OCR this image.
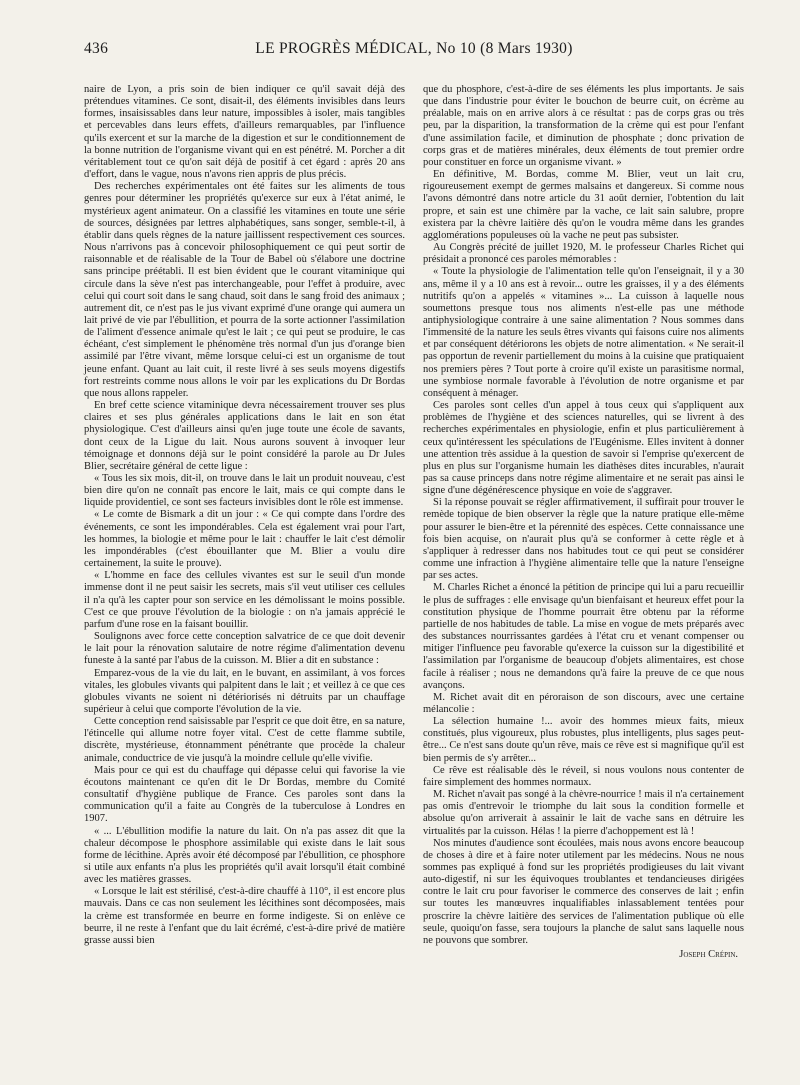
436	LE PROGRÈS MÉDICAL, No 10 (8 Mars 1930)

naire de Lyon, a pris soin de bien indiquer ce qu'il savait déjà des prétendues vitamines. Ce sont, disait-il, des éléments invisibles dans leurs formes, insaisissables dans leur nature, impossibles à isoler, mais tangibles et percevables dans leurs effets, d'ailleurs remarquables, par l'influence qu'ils exercent et sur la marche de la digestion et sur le conditionnement de la bonne nutrition de l'organisme vivant qui en est pénétré. M. Porcher a dit véritablement tout ce qu'on sait déjà de positif à cet égard : après 20 ans d'effort, dans le vague, nous n'avons rien appris de plus précis.

Des recherches expérimentales ont été faites sur les aliments de tous genres pour déterminer les propriétés qu'exerce sur eux à l'état animé, le mystérieux agent animateur. On a classifié les vitamines en toute une série de sources, désignées par lettres alphabétiques, sans songer, semble-t-il, à établir dans quels règnes de la nature jaillissent respectivement ces sources. Nous n'arrivons pas à concevoir philosophiquement ce qui peut sortir de raisonnable et de réalisable de la Tour de Babel où s'élabore une doctrine sans principe préétabli. Il est bien évident que le courant vitaminique qui circule dans la sève n'est pas interchangeable, pour l'effet à produire, avec celui qui court soit dans le sang chaud, soit dans le sang froid des animaux ; autrement dit, ce n'est pas le jus vivant exprimé d'une orange qui aumera un lait privé de vie par l'ébullition, et pourra de la sorte actionner l'assimilation de l'aliment d'essence animale qu'est le lait ; ce qui peut se produire, le cas échéant, c'est simplement le phénomène très normal d'un jus d'orange bien assimilé par l'être vivant, même lorsque celui-ci est un organisme de tout jeune enfant. Quant au lait cuit, il reste livré à ses seuls moyens digestifs fort restreints comme nous allons le voir par les explications du Dr Bordas que nous allons rappeler.

En bref cette science vitaminique devra nécessairement trouver ses plus claires et ses plus générales applications dans le lait en son état physiologique. C'est d'ailleurs ainsi qu'en juge toute une école de savants, dont ceux de la Ligue du lait. Nous aurons souvent à invoquer leur témoignage et donnons déjà sur le point considéré la parole au Dr Jules Blier, secrétaire général de cette ligue :

« Tous les six mois, dit-il, on trouve dans le lait un produit nouveau, c'est bien dire qu'on ne connaît pas encore le lait, mais ce qui compte dans le liquide providentiel, ce sont ses facteurs invisibles dont le rôle est immense.

« Le comte de Bismark a dit un jour : « Ce qui compte dans l'ordre des événements, ce sont les impondérables. Cela est également vrai pour l'art, les hommes, la biologie et même pour le lait : chauffer le lait c'est démolir les impondérables (c'est ébouillanter que M. Blier a voulu dire certainement, la suite le prouve).

« L'homme en face des cellules vivantes est sur le seuil d'un monde immense dont il ne peut saisir les secrets, mais s'il veut utiliser ces cellules il n'a qu'à les capter pour son service en les démolissant le moins possible. C'est ce que prouve l'évolution de la biologie : on n'a jamais apprécié le parfum d'une rose en la faisant bouillir.

Soulignons avec force cette conception salvatrice de ce que doit devenir le lait pour la rénovation salutaire de notre régime d'alimentation devenu funeste à la santé par l'abus de la cuisson. M. Blier a dit en substance :

Emparez-vous de la vie du lait, en le buvant, en assimilant, à vos forces vitales, les globules vivants qui palpitent dans le lait ; et veillez à ce que ces globules vivants ne soient ni détériorisés ni détruits par un chauffage supérieur à celui que comporte l'évolution de la vie.

Cette conception rend saisissable par l'esprit ce que doit être, en sa nature, l'étincelle qui allume notre foyer vital. C'est de cette flamme subtile, discrète, mystérieuse, étonnamment pénétrante que procède la chaleur animale, conductrice de vie jusqu'à la moindre cellule qu'elle vivifie.

Mais pour ce qui est du chauffage qui dépasse celui qui favorise la vie écoutons maintenant ce qu'en dit le Dr Bordas, membre du Comité consultatif d'hygiène publique de France. Ces paroles sont dans la communication qu'il a faite au Congrès de la tuberculose à Londres en 1907.

« ... L'ébullition modifie la nature du lait. On n'a pas assez dit que la chaleur décompose le phosphore assimilable qui existe dans le lait sous forme de lécithine. Après avoir été décomposé par l'ébullition, ce phosphore si utile aux enfants n'a plus les propriétés qu'il avait lorsqu'il était combiné avec les matières grasses.

« Lorsque le lait est stérilisé, c'est-à-dire chauffé à 110°, il est encore plus mauvais. Dans ce cas non seulement les lécithines sont décomposées, mais la crème est transformée en beurre en forme indigeste. Si on enlève ce beurre, il ne reste à l'enfant que du lait écrémé, c'est-à-dire privé de matière grasse aussi bien

que du phosphore, c'est-à-dire de ses éléments les plus importants. Je sais que dans l'industrie pour éviter le bouchon de beurre cuit, on écrème au préalable, mais on en arrive alors à ce résultat : pas de corps gras ou très peu, par la disparition, la transformation de la crème qui est pour l'enfant d'une assimilation facile, et diminution de phosphate ; donc privation de corps gras et de matières minérales, deux éléments de tout premier ordre pour constituer en force un organisme vivant. »

En définitive, M. Bordas, comme M. Blier, veut un lait cru, rigoureusement exempt de germes malsains et dangereux. Si comme nous l'avons démontré dans notre article du 31 août dernier, l'obtention du lait propre, et sain est une chimère par la vache, ce lait sain salubre, propre existera par la chèvre laitière dès qu'on le voudra même dans les grandes agglomérations populeuses où la vache ne peut pas subsister.

Au Congrès précité de juillet 1920, M. le professeur Charles Richet qui présidait a prononcé ces paroles mémorables :

« Toute la physiologie de l'alimentation telle qu'on l'enseignait, il y a 30 ans, même il y a 10 ans est à revoir... outre les graisses, il y a des éléments nutritifs qu'on a appelés « vitamines »... La cuisson à laquelle nous soumettons presque tous nos aliments n'est-elle pas une méthode antiphysiologique contraire à une saine alimentation ? Nous sommes dans l'immensité de la nature les seuls êtres vivants qui faisons cuire nos aliments et par conséquent détériorons les objets de notre alimentation. « Ne serait-il pas opportun de revenir partiellement du moins à la cuisine que pratiquaient nos premiers pères ? Tout porte à croire qu'il existe un parasitisme normal, une symbiose normale favorable à l'évolution de notre organisme et par conséquent à ménager.

Ces paroles sont celles d'un appel à tous ceux qui s'appliquent aux problèmes de l'hygiène et des sciences naturelles, qui se livrent à des recherches expérimentales en physiologie, enfin et plus particulièrement à ceux qu'intéressent les spéculations de l'Eugénisme. Elles invitent à donner une attention très assidue à la question de savoir si l'emprise qu'exercent de plus en plus sur l'organisme humain les diathèses dites incurables, n'aurait pas sa cause princeps dans notre régime alimentaire et ne serait pas ainsi le signe d'une dégénérescence physique en voie de s'aggraver.

Si la réponse pouvait se régler affirmativement, il suffirait pour trouver le remède topique de bien observer la règle que la nature pratique elle-même pour assurer le bien-être et la pérennité des espèces. Cette connaissance une fois bien acquise, on n'aurait plus qu'à se conformer à cette règle et à s'appliquer à redresser dans nos habitudes tout ce qui peut se considérer comme une infraction à l'hygiène alimentaire telle que la nature l'enseigne par ses actes.

M. Charles Richet a énoncé la pétition de principe qui lui a paru recueillir le plus de suffrages : elle envisage qu'un bienfaisant et heureux effet pour la constitution physique de l'homme pourrait être obtenu par la réforme partielle de nos habitudes de table. La mise en vogue de mets préparés avec des substances nourrissantes gardées à l'état cru et venant compenser ou mitiger l'influence peu favorable qu'exerce la cuisson sur la digestibilité et l'assimilation par l'organisme de beaucoup d'objets alimentaires, est chose facile à réaliser ; nous ne demandons qu'à faire la preuve de ce que nous avançons.

M. Richet avait dit en péroraison de son discours, avec une certaine mélancolie :

La sélection humaine !... avoir des hommes mieux faits, mieux constitués, plus vigoureux, plus robustes, plus intelligents, plus sages peut-être... Ce n'est sans doute qu'un rêve, mais ce rêve est si magnifique qu'il est bien permis de s'y arrêter...

Ce rêve est réalisable dès le réveil, si nous voulons nous contenter de faire simplement des hommes normaux.

M. Richet n'avait pas songé à la chèvre-nourrice ! mais il n'a certainement pas omis d'entrevoir le triomphe du lait sous la condition formelle et absolue qu'on arriverait à assainir le lait de vache sans en détruire les virtualités par la cuisson. Hélas ! la pierre d'achoppement est là !

Nos minutes d'audience sont écoulées, mais nous avons encore beaucoup de choses à dire et à faire noter utilement par les médecins. Nous ne nous sommes pas expliqué à fond sur les propriétés prodigieuses du lait vivant auto-digestif, ni sur les équivoques troublantes et tendancieuses dirigées contre le lait cru pour favoriser le commerce des conserves de lait ; enfin sur toutes les manœuvres inqualifiables inlassablement tentées pour proscrire la chèvre laitière des services de l'alimentation publique où elle seule, quoiqu'on fasse, sera toujours la planche de salut sans laquelle nous ne pouvons que sombrer.

Joseph Crépin.
